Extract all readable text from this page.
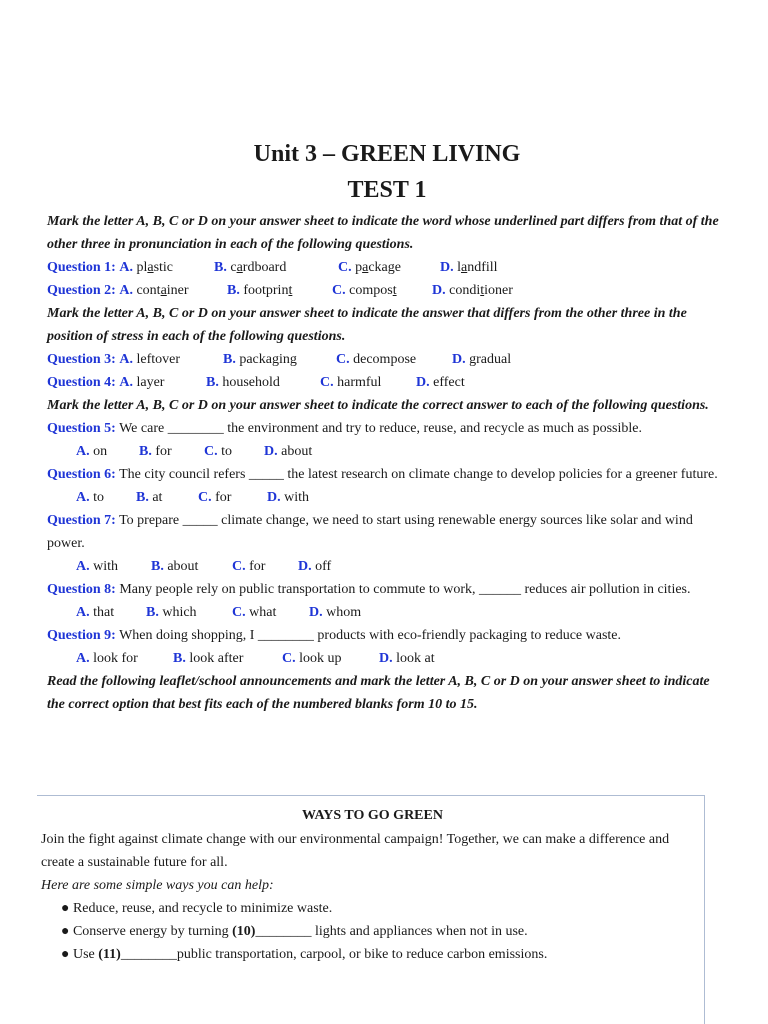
Unit 3 – GREEN LIVING
TEST 1
Mark the letter A, B, C or D on your answer sheet to indicate the word whose underlined part differs from that of the other three in pronunciation in each of the following questions.
Question 1: A. plastic	B. cardboard	C. package	D. landfill
Question 2: A. container	B. footprint	C. compost	D. conditioner
Mark the letter A, B, C or D on your answer sheet to indicate the answer that differs from the other three in the position of stress in each of the following questions.
Question 3: A. leftover	B. packaging	C. decompose	D. gradual
Question 4: A. layer	B. household	C. harmful	D. effect
Mark the letter A, B, C or D on your answer sheet to indicate the correct answer to each of the following questions.
Question 5: We care ________ the environment and try to reduce, reuse, and recycle as much as possible.
A. on	B. for	C. to	D. about
Question 6: The city council refers _____ the latest research on climate change to develop policies for a greener future.
A. to	B. at	C. for	D. with
Question 7: To prepare _____ climate change, we need to start using renewable energy sources like solar and wind power.
A. with	B. about	C. for	D. off
Question 8: Many people rely on public transportation to commute to work, ______ reduces air pollution in cities.
A. that	B. which	C. what	D. whom
Question 9: When doing shopping, I ________ products with eco-friendly packaging to reduce waste.
A. look for	B. look after	C. look up	D. look at
Read the following leaflet/school announcements and mark the letter A, B, C or D on your answer sheet to indicate the correct option that best fits each of the numbered blanks form 10 to 15.
WAYS TO GO GREEN
Join the fight against climate change with our environmental campaign! Together, we can make a difference and create a sustainable future for all.
Here are some simple ways you can help:
● Reduce, reuse, and recycle to minimize waste.
● Conserve energy by turning (10)________ lights and appliances when not in use.
● Use (11)________public transportation, carpool, or bike to reduce carbon emissions.
